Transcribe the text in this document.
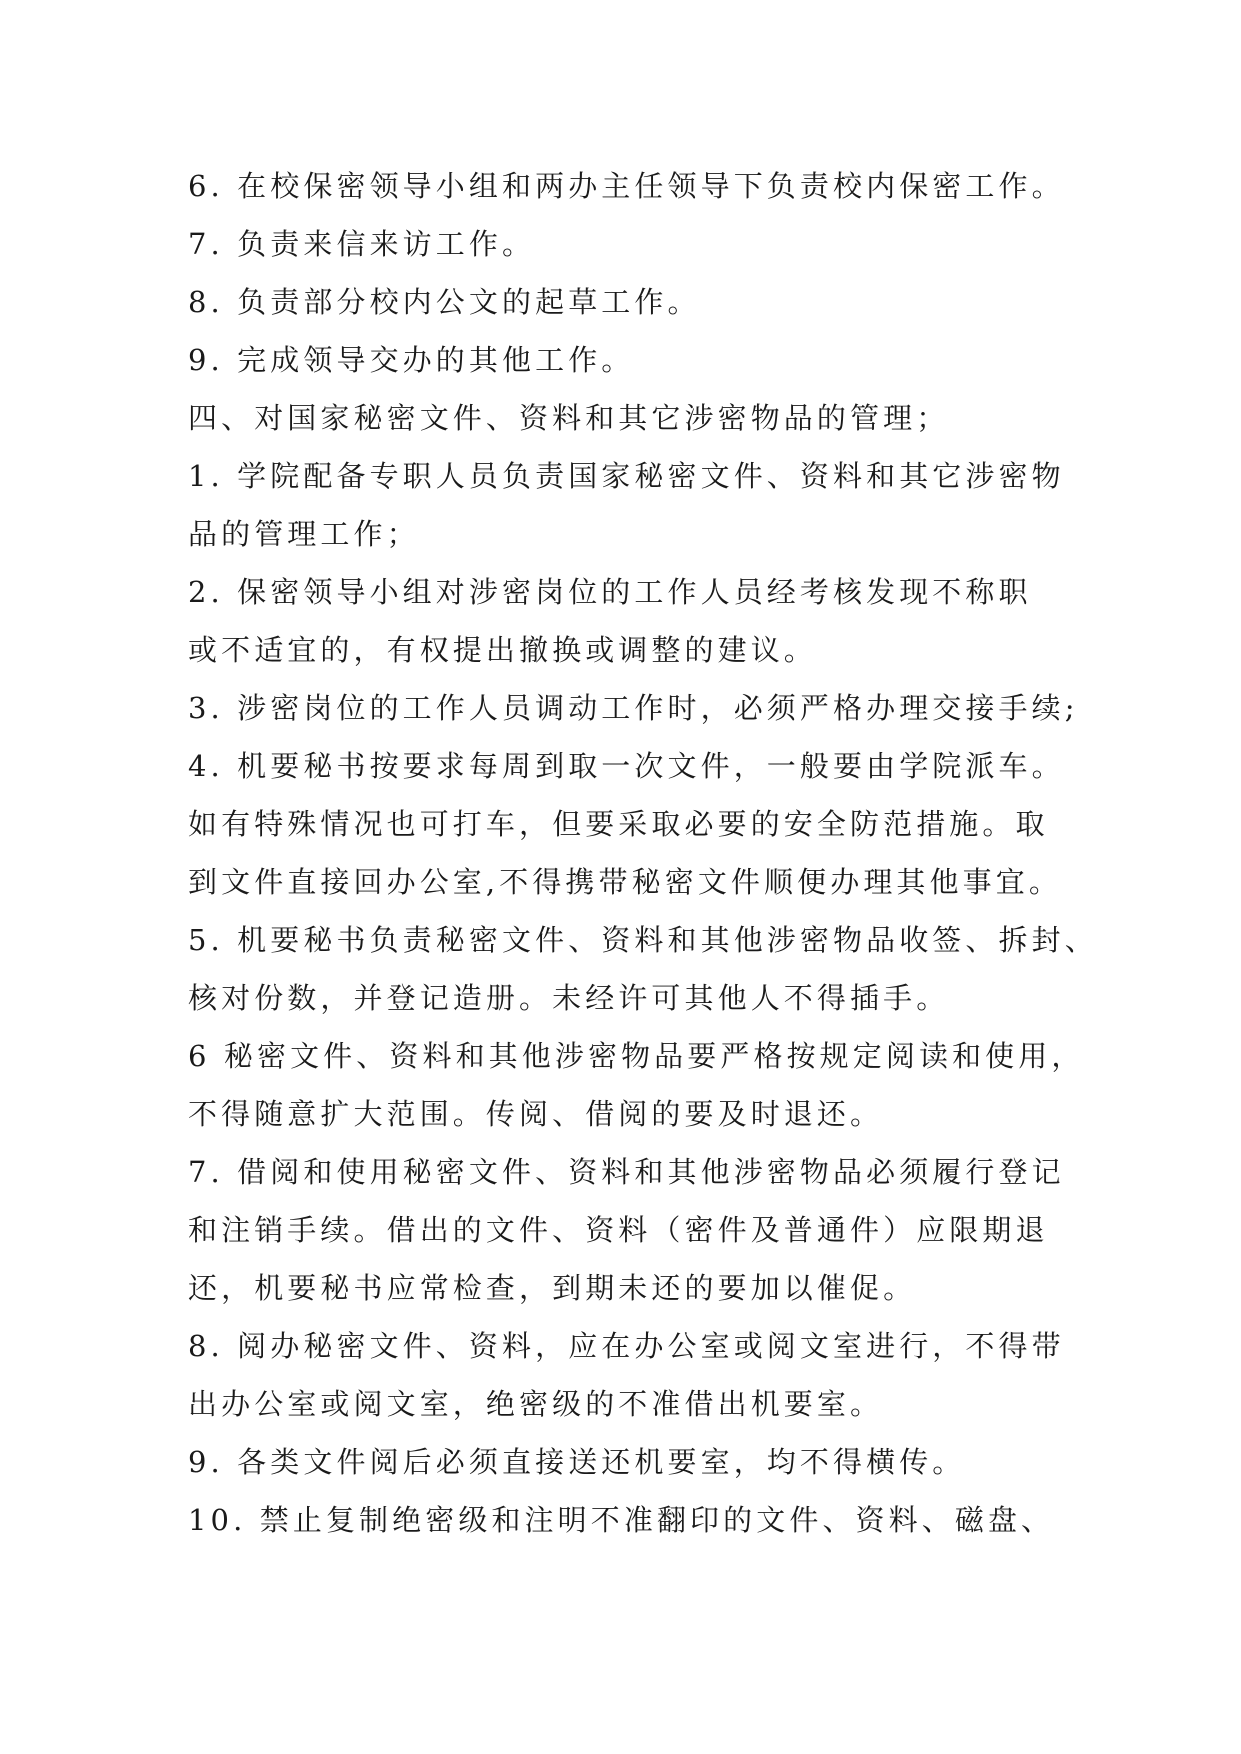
6. 在校保密领导小组和两办主任领导下负责校内保密工作。

7. 负责来信来访工作。

8. 负责部分校内公文的起草工作。

9. 完成领导交办的其他工作。

四、对国家秘密文件、资料和其它涉密物品的管理；

1. 学院配备专职人员负责国家秘密文件、资料和其它涉密物

品的管理工作；

2. 保密领导小组对涉密岗位的工作人员经考核发现不称职

或不适宜的，有权提出撤换或调整的建议。

3. 涉密岗位的工作人员调动工作时，必须严格办理交接手续;

4. 机要秘书按要求每周到取一次文件，一般要由学院派车。

如有特殊情况也可打车，但要采取必要的安全防范措施。取

到文件直接回办公室,不得携带秘密文件顺便办理其他事宜。

5. 机要秘书负责秘密文件、资料和其他涉密物品收签、拆封、

核对份数，并登记造册。未经许可其他人不得插手。

6 秘密文件、资料和其他涉密物品要严格按规定阅读和使用，

不得随意扩大范围。传阅、借阅的要及时退还。

7. 借阅和使用秘密文件、资料和其他涉密物品必须履行登记

和注销手续。借出的文件、资料（密件及普通件）应限期退

还，机要秘书应常检查，到期未还的要加以催促。

8. 阅办秘密文件、资料，应在办公室或阅文室进行，不得带

出办公室或阅文室，绝密级的不准借出机要室。

9. 各类文件阅后必须直接送还机要室，均不得横传。

10. 禁止复制绝密级和注明不准翻印的文件、资料、磁盘、
